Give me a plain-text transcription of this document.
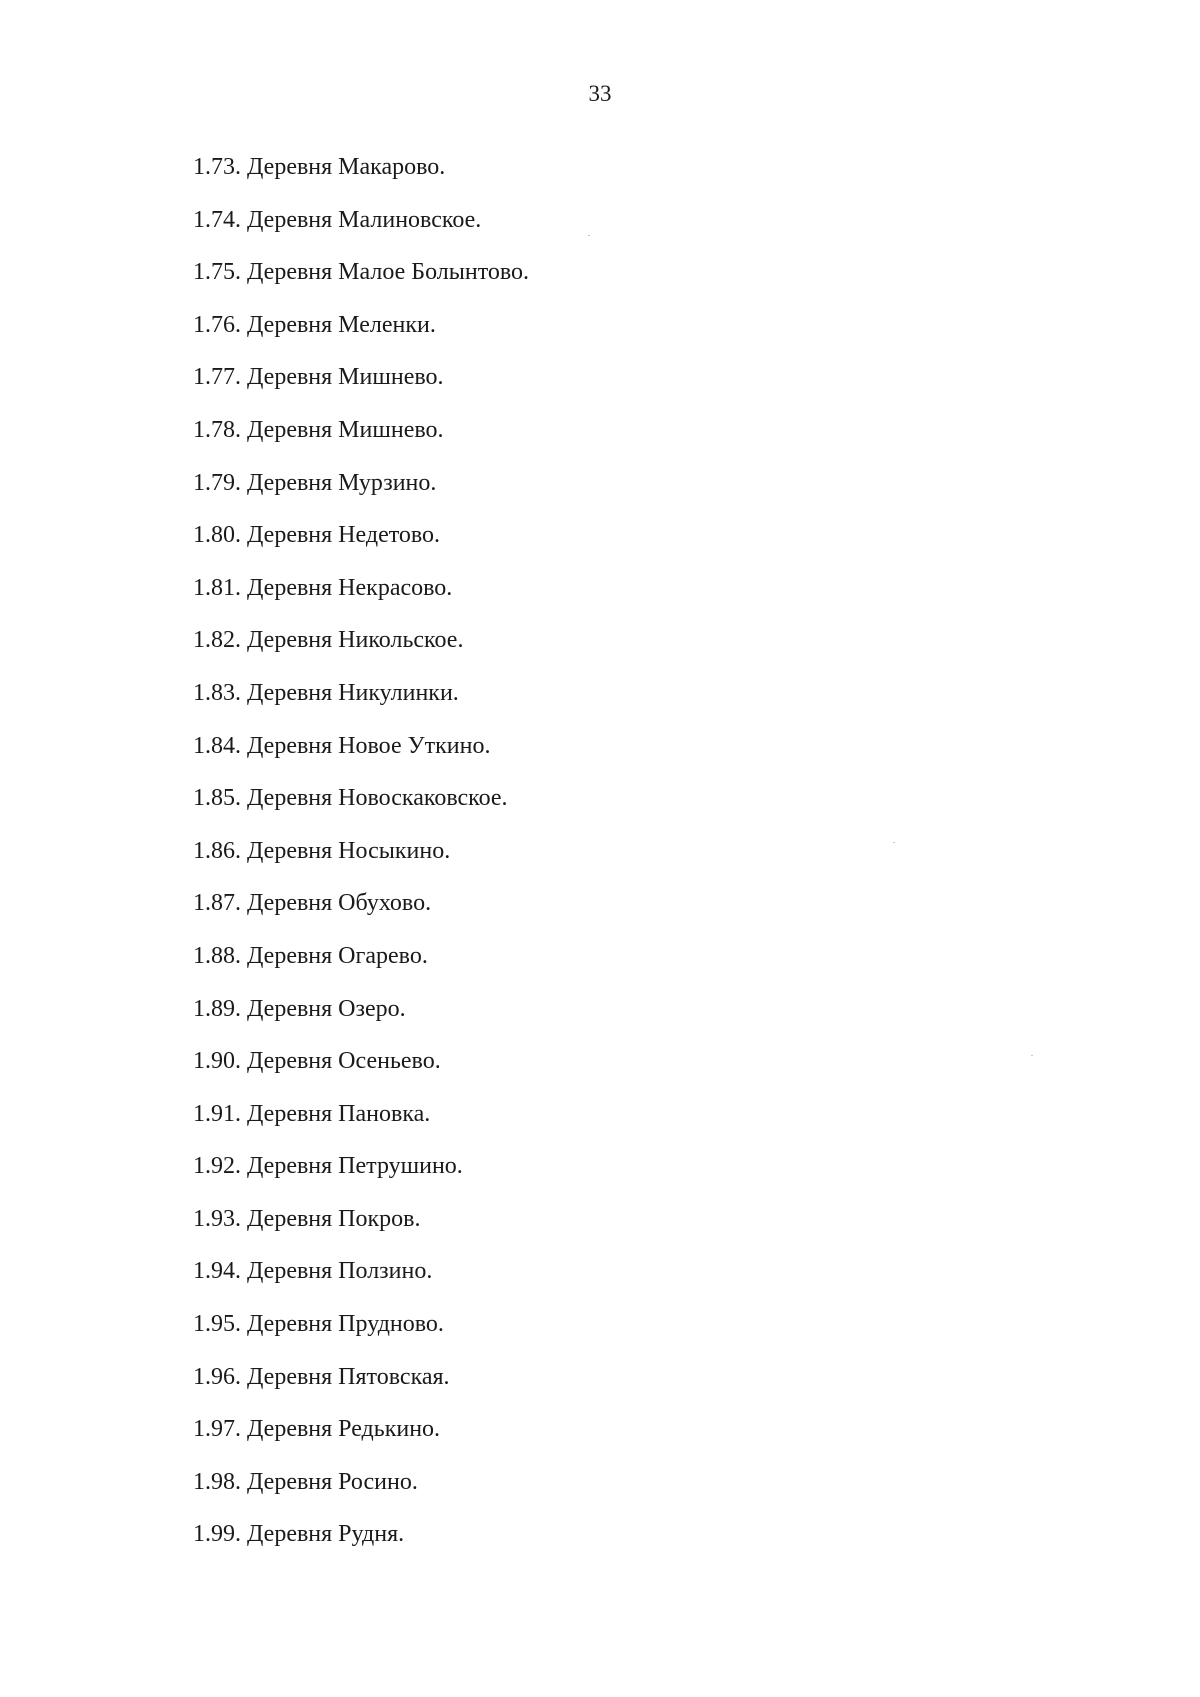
33
1.73. Деревня Макарово.
1.74. Деревня Малиновское.
1.75. Деревня Малое Болынтово.
1.76. Деревня Меленки.
1.77. Деревня Мишнево.
1.78. Деревня Мишнево.
1.79. Деревня Мурзино.
1.80. Деревня Недетово.
1.81. Деревня Некрасово.
1.82. Деревня Никольское.
1.83. Деревня Никулинки.
1.84. Деревня Новое Уткино.
1.85. Деревня Новоскаковское.
1.86. Деревня Носыкино.
1.87. Деревня Обухово.
1.88. Деревня Огарево.
1.89. Деревня Озеро.
1.90. Деревня Осеньево.
1.91. Деревня Пановка.
1.92. Деревня Петрушино.
1.93. Деревня Покров.
1.94. Деревня Ползино.
1.95. Деревня Прудново.
1.96. Деревня Пятовская.
1.97. Деревня Редькино.
1.98. Деревня Росино.
1.99. Деревня Рудня.
